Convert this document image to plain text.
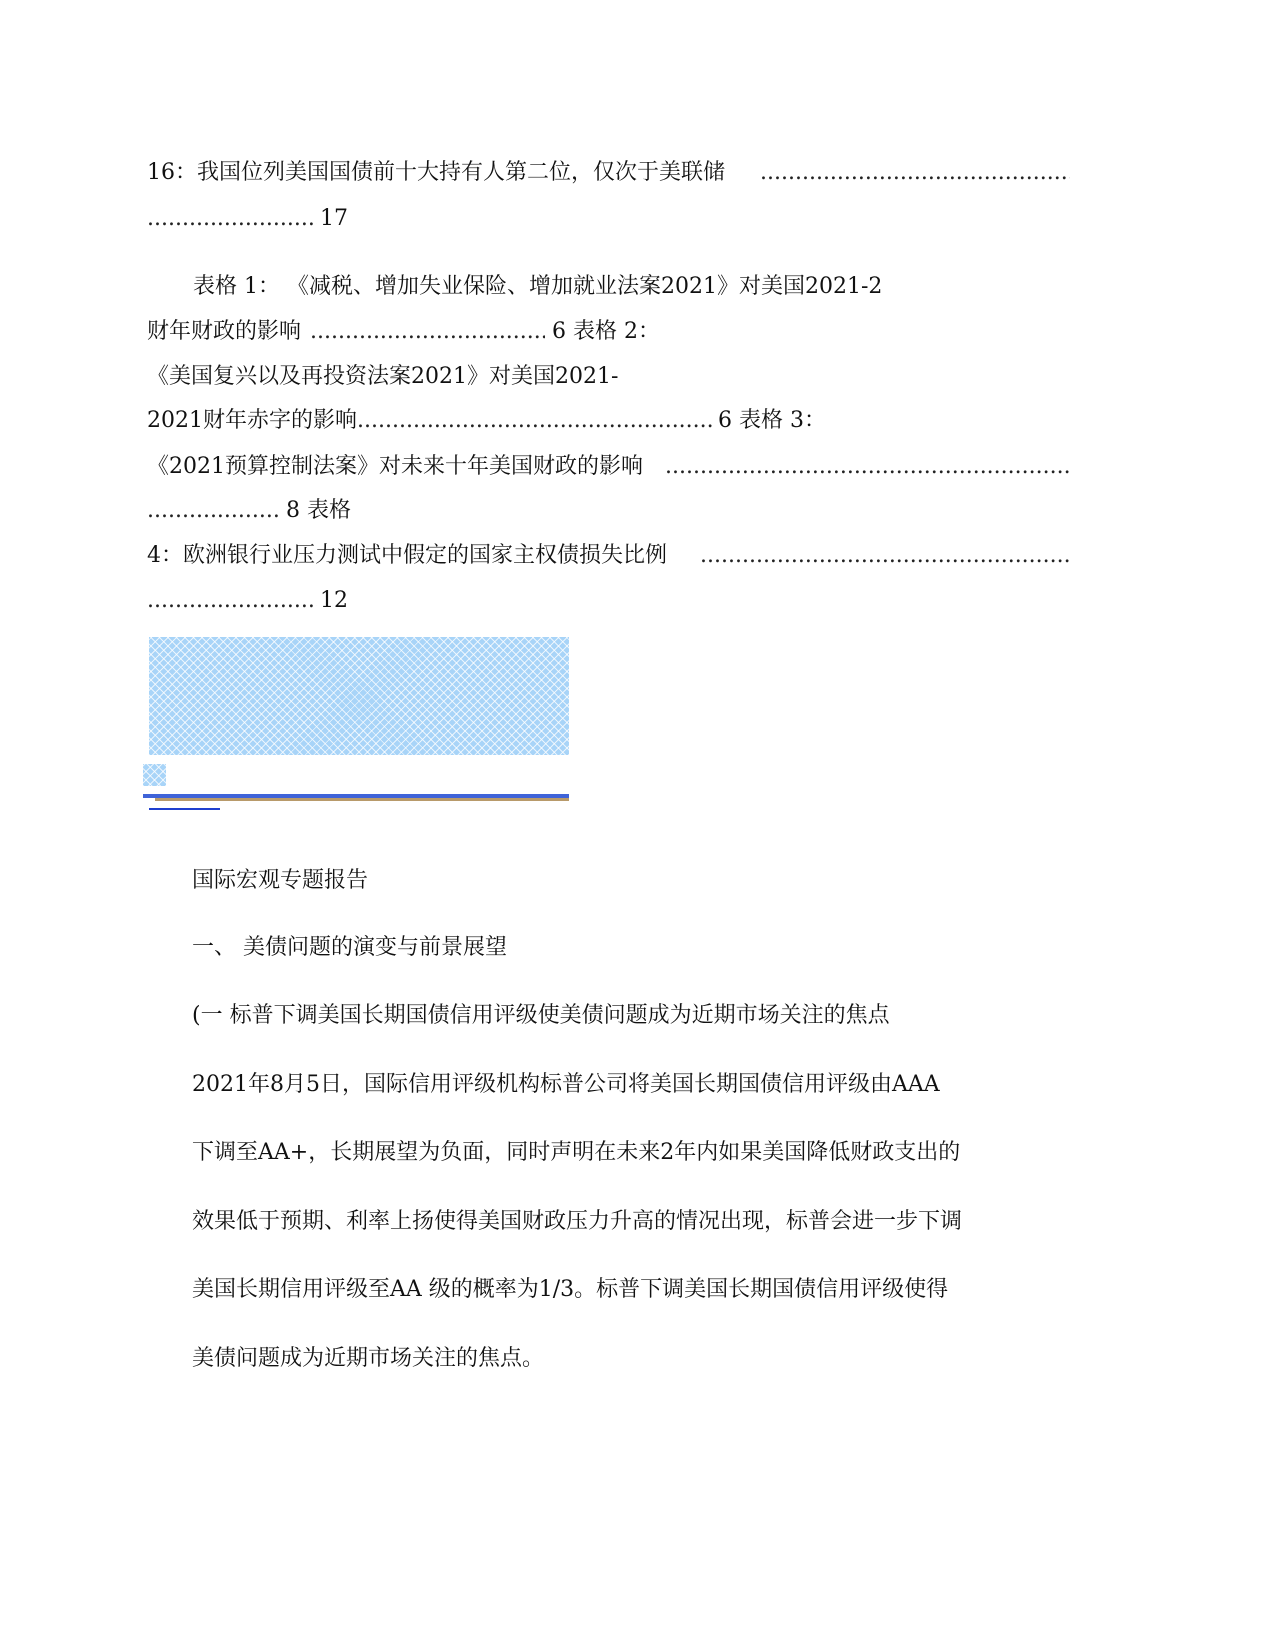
16：我国位列美国国债前十大持有人第二位，仅次于美联储
.....
.....
17
表格 1： 《减税、增加失业保险、增加就业法案2021》对美国2021-2
财年财政的影响 .....	6 表格 2：
《美国复兴以及再投资法案2021》对美国2021-
2021财年赤字的影响 .....	6 表格 3：
《2021预算控制法案》对未来十年美国财政的影响
.....
.....
8 表格
4：欧洲银行业压力测试中假定的国家主权债损失比例
.....
.....
12
国际宏观专题报告
一、 美债问题的演变与前景展望
(一 标普下调美国长期国债信用评级使美债问题成为近期市场关注的焦点
2021年8月5日，国际信用评级机构标普公司将美国长期国债信用评级由AAA
下调至AA+，长期展望为负面，同时声明在未来2年内如果美国降低财政支出的
效果低于预期、利率上扬使得美国财政压力升高的情况出现，标普会进一步下调
美国长期信用评级至AA 级的概率为1/3。标普下调美国长期国债信用评级使得
美债问题成为近期市场关注的焦点。
